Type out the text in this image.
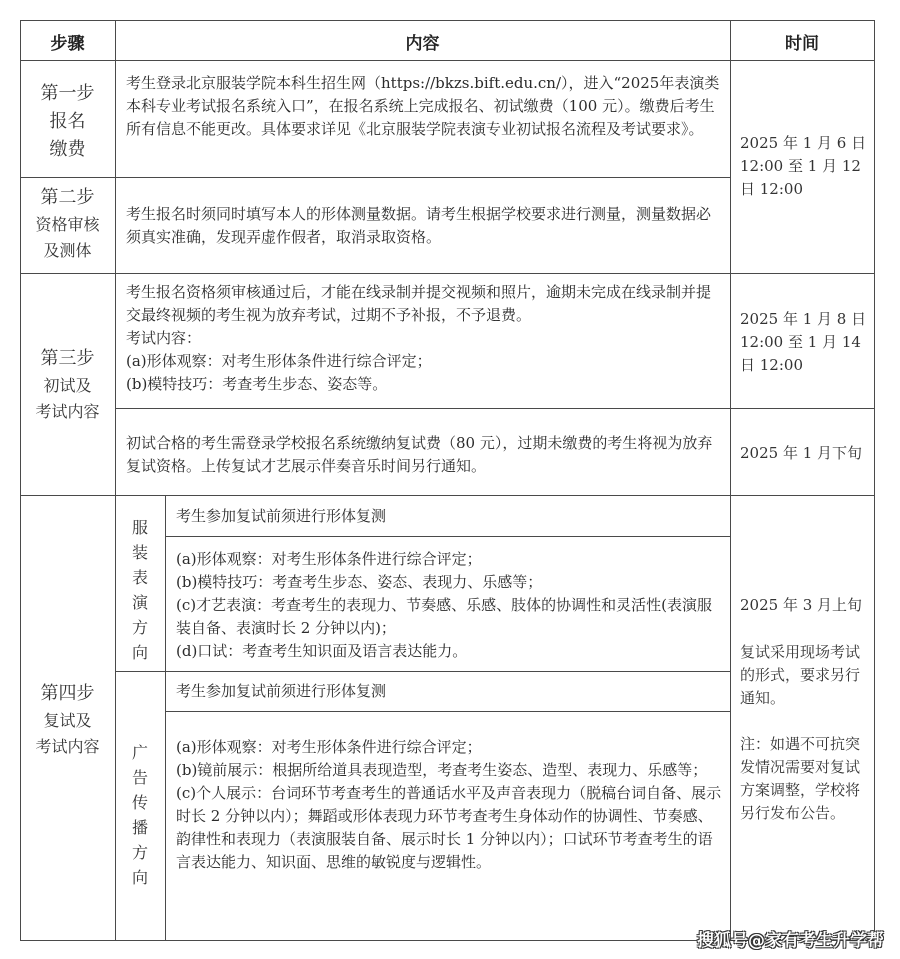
步骤	内容	时间
第一步
报名
缴费
考生登录北京服装学院本科生招生网（https://bkzs.bift.edu.cn/），进入“2025年表演类本科专业考试报名系统入口”，在报名系统上完成报名、初试缴费（100 元）。缴费后考生所有信息不能更改。具体要求详见《北京服装学院表演专业初试报名流程及考试要求》。
第二步
资格审核
及测体
考生报名时须同时填写本人的形体测量数据。请考生根据学校要求进行测量，测量数据必须真实准确，发现弄虚作假者，取消录取资格。
2025 年 1 月 6 日
12:00 至 1 月 12
日 12:00
第三步
初试及
考试内容
考生报名资格须审核通过后，才能在线录制并提交视频和照片，逾期未完成在线录制并提交最终视频的考生视为放弃考试，过期不予补报，不予退费。
考试内容：
(a)形体观察：对考生形体条件进行综合评定；
(b)模特技巧：考查考生步态、姿态等。
初试合格的考生需登录学校报名系统缴纳复试费（80 元），过期未缴费的考生将视为放弃复试资格。上传复试才艺展示伴奏音乐时间另行通知。
2025 年 1 月 8 日
12:00 至 1 月 14
日 12:00
2025 年 1 月下旬
第四步
复试及
考试内容
服
装
表
演
方
向
考生参加复试前须进行形体复测
(a)形体观察：对考生形体条件进行综合评定；
(b)模特技巧：考查考生步态、姿态、表现力、乐感等；
(c)才艺表演：考查考生的表现力、节奏感、乐感、肢体的协调性和灵活性(表演服装自备、表演时长 2 分钟以内)；
(d)口试：考查考生知识面及语言表达能力。
广
告
传
播
方
向
考生参加复试前须进行形体复测
(a)形体观察：对考生形体条件进行综合评定；
(b)镜前展示：根据所给道具表现造型，考查考生姿态、造型、表现力、乐感等；
(c)个人展示：台词环节考查考生的普通话水平及声音表现力（脱稿台词自备、展示时长 2 分钟以内）；舞蹈或形体表现力环节考查考生身体动作的协调性、节奏感、韵律性和表现力（表演服装自备、展示时长 1 分钟以内）；口试环节考查考生的语言表达能力、知识面、思维的敏锐度与逻辑性。
2025 年 3 月上旬
复试采用现场考试的形式，要求另行通知。
注：如遇不可抗突发情况需要对复试方案调整，学校将另行发布公告。
搜狐号@家有考生升学帮
